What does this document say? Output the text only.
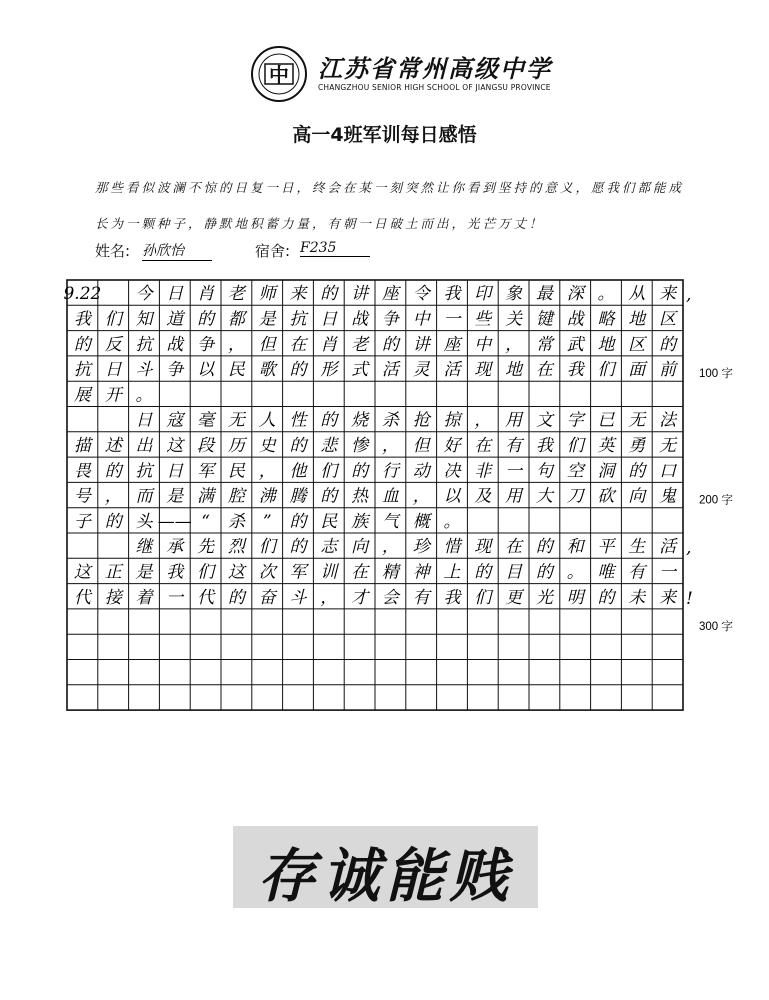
中 江苏省常州高级中学
CHANGZHOU SENIOR HIGH SCHOOL OF JIANGSU PROVINCE
高一4班军训每日感悟
那些看似波澜不惊的日复一日，终会在某一刻突然让你看到坚持的意义，愿我们都能成
长为一颗种子，静默地积蓄力量，有朝一日破土而出，光芒万丈！
姓名: 孙欣怡	宿舍: F235
9.22 今 日 肖 老 师 来 的 讲 座 令 我 印 象 最 深 。 从 来
我 们 知 道 的 都 是 抗 日 战 争 中 一 些 关 键 战 略 地 区
的 反 抗 战 争 ， 但 在 肖 老 的 讲 座 中 ， 常 武 地 区 的
抗 日 斗 争 以 民 歌 的 形 式 活 灵 活 现 地 在 我 们 面 前
展 开 。
日 寇 毫 无 人 性 的 烧 杀 抢 掠 ， 用 文 字 已 无 法
描 述 出 这 段 历 史 的 悲 惨 ， 但 好 在 有 我 们 英 勇 无
畏 的 抗 日 军 民 ， 他 们 的 行 动 决 非 一 句 空 洞 的 口
号 ， 而 是 满 腔 沸 腾 的 热 血 ， 以 及 用 大 刀 砍 向 鬼
子 的 头 —— “ 杀 ” 的 民 族 气 概 。
继 承 先 烈 们 的 志 向 ， 珍 惜 现 在 的 和 平 生 活
这 正 是 我 们 这 次 军 训 在 精 神 上 的 目 的 。 唯 有 一
代 接 着 一 代 的 奋 斗 ， 才 会 有 我 们 更 光 明 的 未 来
,
,
!
100 字
200 字
300 字
存诚能贱
